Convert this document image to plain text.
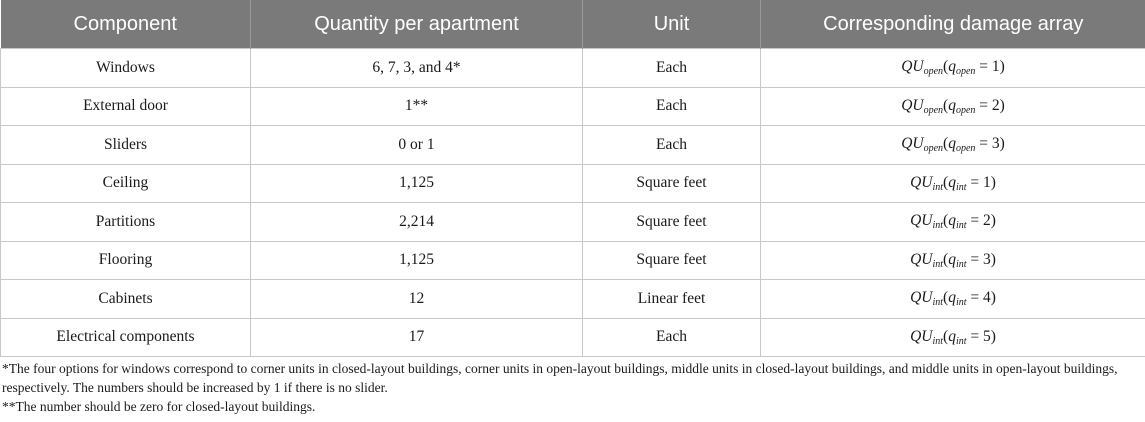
Component	Quantity per apartment	Unit	Corresponding damage array
Windows	6, 7, 3, and 4*	Each	$QU_{open}(q_{open} = 1)$
External door	1**	Each	$QU_{open}(q_{open} = 2)$
Sliders	0 or 1	Each	$QU_{open}(q_{open} = 3)$
Ceiling	1,125	Square feet	$QU_{int}(q_{int} = 1)$
Partitions	2,214	Square feet	$QU_{int}(q_{int} = 2)$
Flooring	1,125	Square feet	$QU_{int}(q_{int} = 3)$
Cabinets	12	Linear feet	$QU_{int}(q_{int} = 4)$
Electrical components	17	Each	$QU_{int}(q_{int} = 5)$

*The four options for windows correspond to corner units in closed-layout buildings, corner units in open-layout buildings, middle units in closed-layout buildings, and middle units in open-layout buildings, respectively. The numbers should be increased by 1 if there is no slider.

**The number should be zero for closed-layout buildings.
